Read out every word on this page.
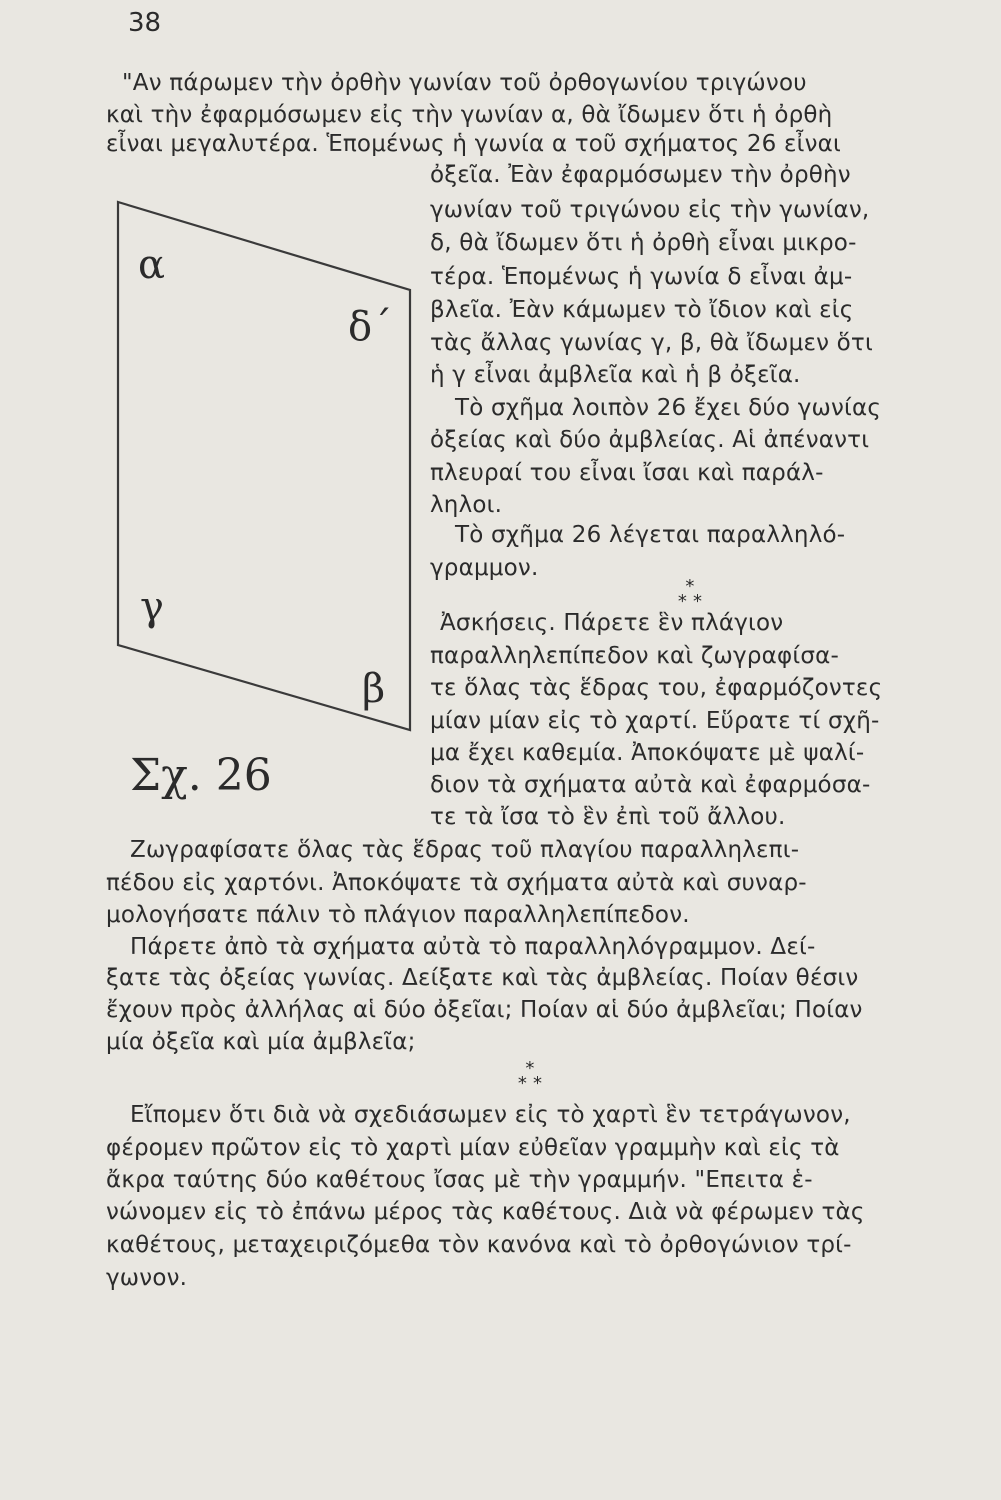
38
"Αν πάρωμεν τὴν ὀρθὴν γωνίαν τοῦ ὀρθογωνίου τριγώνου
καὶ τὴν ἐφαρμόσωμεν εἰς τὴν γωνίαν α, θὰ ἴδωμεν ὅτι ἡ ὀρθὴ
εἶναι μεγαλυτέρα. Ἑπομένως ἡ γωνία α τοῦ σχήματος 26 εἶναι
ὀξεῖα. Ἐὰν ἐφαρμόσωμεν τὴν ὀρθὴν
γωνίαν τοῦ τριγώνου εἰς τὴν γωνίαν,
δ, θὰ ἴδωμεν ὅτι ἡ ὀρθὴ εἶναι μικρο-
τέρα. Ἑπομένως ἡ γωνία δ εἶναι ἀμ-
βλεῖα. Ἐὰν κάμωμεν τὸ ἴδιον καὶ εἰς
τὰς ἄλλας γωνίας γ, β, θὰ ἴδωμεν ὅτι
ἡ γ εἶναι ἀμβλεῖα καὶ ἡ β ὀξεῖα.
Τὸ σχῆμα λοιπὸν 26 ἔχει δύο γωνίας
ὀξείας καὶ δύο ἀμβλείας. Αἱ ἀπέναντι
πλευραί του εἶναι ἴσαι καὶ παράλ-
ληλοι.
Τὸ σχῆμα 26 λέγεται παραλληλό-
γραμμον.
*
* *
Ἀσκήσεις. Πάρετε ἓν πλάγιον
παραλληλεπίπεδον καὶ ζωγραφίσα-
τε ὅλας τὰς ἕδρας του, ἐφαρμόζοντες
μίαν μίαν εἰς τὸ χαρτί. Εὕρατε τί σχῆ-
μα ἔχει καθεμία. Ἀποκόψατε μὲ ψαλί-
διον τὰ σχήματα αὐτὰ καὶ ἐφαρμόσα-
τε τὰ ἴσα τὸ ἓν ἐπὶ τοῦ ἄλλου.
Ζωγραφίσατε ὅλας τὰς ἕδρας τοῦ πλαγίου παραλληλεπι-
πέδου εἰς χαρτόνι. Ἀποκόψατε τὰ σχήματα αὐτὰ καὶ συναρ-
μολογήσατε πάλιν τὸ πλάγιον παραλληλεπίπεδον.
Πάρετε ἀπὸ τὰ σχήματα αὐτὰ τὸ παραλληλόγραμμον. Δεί-
ξατε τὰς ὀξείας γωνίας. Δείξατε καὶ τὰς ἀμβλείας. Ποίαν θέσιν
ἔχουν πρὸς ἀλλήλας αἱ δύο ὀξεῖαι; Ποίαν αἱ δύο ἀμβλεῖαι; Ποίαν
μία ὀξεῖα καὶ μία ἀμβλεῖα;
*
* *
Εἴπομεν ὅτι διὰ νὰ σχεδιάσωμεν εἰς τὸ χαρτὶ ἓν τετράγωνον,
φέρομεν πρῶτον εἰς τὸ χαρτὶ μίαν εὐθεῖαν γραμμὴν καὶ εἰς τὰ
ἄκρα ταύτης δύο καθέτους ἴσας μὲ τὴν γραμμήν. "Επειτα ἑ-
νώνομεν εἰς τὸ ἐπάνω μέρος τὰς καθέτους. Διὰ νὰ φέρωμεν τὰς
καθέτους, μεταχειριζόμεθα τὸν κανόνα καὶ τὸ ὀρθογώνιον τρί-
γωνον.
α
δ΄
γ
β
Σχ. 26
